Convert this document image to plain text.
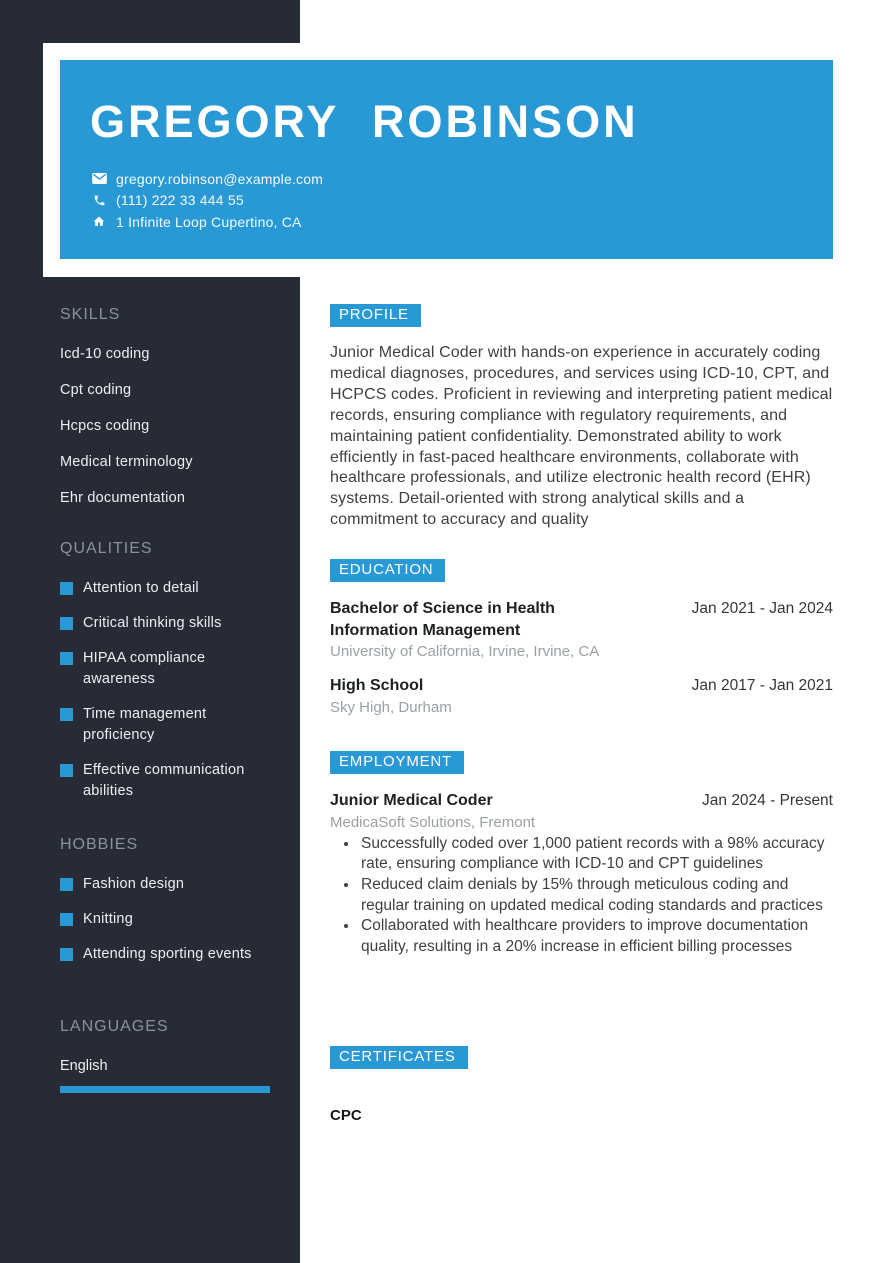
GREGORY ROBINSON
gregory.robinson@example.com
(111) 222 33 444 55
1 Infinite Loop Cupertino, CA
SKILLS
Icd-10 coding
Cpt coding
Hcpcs coding
Medical terminology
Ehr documentation
QUALITIES
Attention to detail
Critical thinking skills
HIPAA compliance awareness
Time management proficiency
Effective communication abilities
HOBBIES
Fashion design
Knitting
Attending sporting events
LANGUAGES
English
PROFILE
Junior Medical Coder with hands-on experience in accurately coding medical diagnoses, procedures, and services using ICD-10, CPT, and HCPCS codes. Proficient in reviewing and interpreting patient medical records, ensuring compliance with regulatory requirements, and maintaining patient confidentiality. Demonstrated ability to work efficiently in fast-paced healthcare environments, collaborate with healthcare professionals, and utilize electronic health record (EHR) systems. Detail-oriented with strong analytical skills and a commitment to accuracy and quality
EDUCATION
Bachelor of Science in Health Information Management
Jan 2021 - Jan 2024
University of California, Irvine, Irvine, CA
High School	Jan 2017 - Jan 2021
Sky High, Durham
EMPLOYMENT
Junior Medical Coder	Jan 2024 - Present
MedicaSoft Solutions, Fremont
• Successfully coded over 1,000 patient records with a 98% accuracy rate, ensuring compliance with ICD-10 and CPT guidelines
• Reduced claim denials by 15% through meticulous coding and regular training on updated medical coding standards and practices
• Collaborated with healthcare providers to improve documentation quality, resulting in a 20% increase in efficient billing processes
CERTIFICATES
CPC
